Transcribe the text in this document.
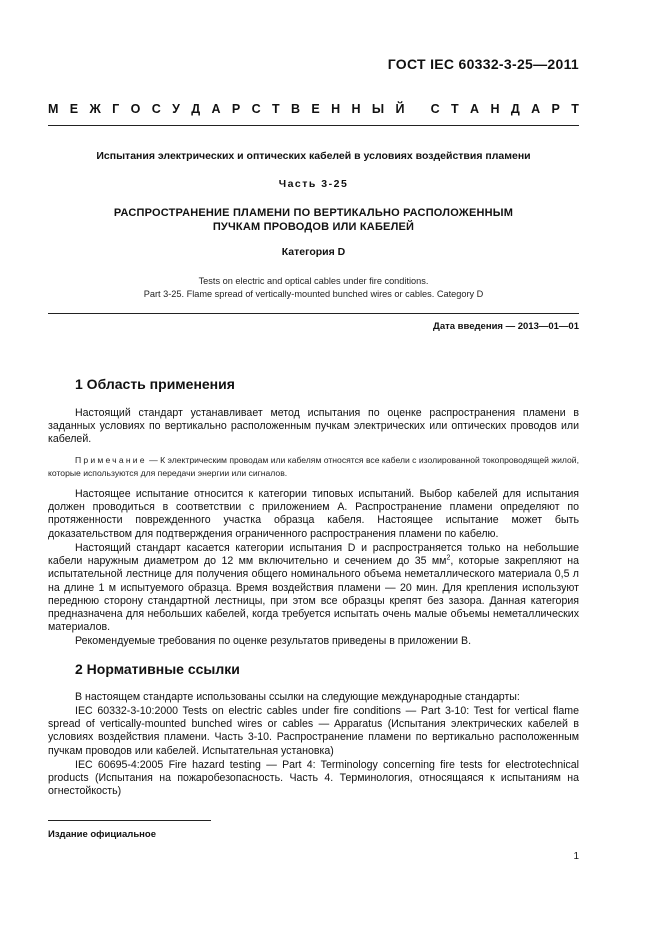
ГОСТ IEC 60332-3-25—2011
М Е Ж Г О С У Д А Р С Т В Е Н Н Ы Й
С Т А Н Д А Р Т
Испытания электрических и оптических кабелей в условиях воздействия пламени
Часть 3-25
РАСПРОСТРАНЕНИЕ ПЛАМЕНИ ПО ВЕРТИКАЛЬНО РАСПОЛОЖЕННЫМ
ПУЧКАМ ПРОВОДОВ ИЛИ КАБЕЛЕЙ
Категория D
Tests on electric and optical cables under fire conditions.
Part 3-25. Flame spread of vertically-mounted bunched wires or cables. Category D
Дата введения — 2013—01—01
1 Область применения

Настоящий стандарт устанавливает метод испытания по оценке распространения пламени в заданных условиях по вертикально расположенным пучкам электрических или оптических проводов или кабелей.

Примечание — К электрическим проводам или кабелям относятся все кабели с изолированной токопроводящей жилой, которые используются для передачи энергии или сигналов.

Настоящее испытание относится к категории типовых испытаний. Выбор кабелей для испытания должен проводиться в соответствии с приложением А. Распространение пламени определяют по протяженности поврежденного участка образца кабеля. Настоящее испытание может быть доказательством для подтверждения ограниченного распространения пламени по кабелю.

Настоящий стандарт касается категории испытания D и распространяется только на небольшие кабели наружным диаметром до 12 мм включительно и сечением до 35 $мм^2$, которые закрепляют на испытательной лестнице для получения общего номинального объема неметаллического материала 0,5 л на длине 1 м испытуемого образца. Время воздействия пламени — 20 мин. Для крепления используют переднюю сторону стандартной лестницы, при этом все образцы крепят без зазора. Данная категория предназначена для небольших кабелей, когда требуется испытать очень малые объемы неметаллических материалов.

Рекомендуемые требования по оценке результатов приведены в приложении В.

2 Нормативные ссылки

В настоящем стандарте использованы ссылки на следующие международные стандарты:

IEC 60332-3-10:2000 Tests on electric cables under fire conditions — Part 3-10: Test for vertical flame spread of vertically-mounted bunched wires or cables — Apparatus (Испытания электрических кабелей в условиях воздействия пламени. Часть 3-10. Распространение пламени по вертикально расположенным пучкам проводов или кабелей. Испытательная установка)

IEC 60695-4:2005 Fire hazard testing — Part 4: Terminology concerning fire tests for electrotechnical products (Испытания на пожаробезопасность. Часть 4. Терминология, относящаяся к испытаниям на огнестойкость)

Издание официальное
1
